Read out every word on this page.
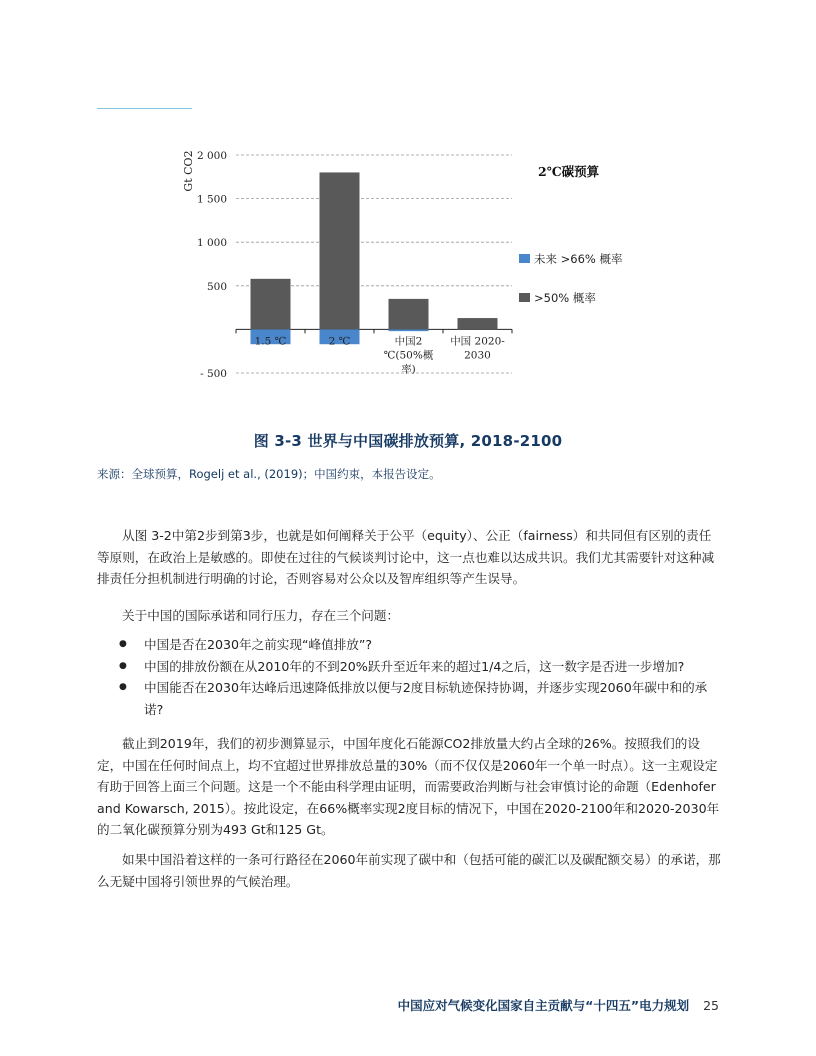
Gt CO2 2 000
1 500
1 000
500
- 500
1.5 ℃	2 ℃	中国2 ℃(50%概率)
中国 2020-2030
2℃碳预算
未来 >66% 概率
>50% 概率
图 3-3 世界与中国碳排放预算, 2018-2100
来源：全球预算，Rogelj et al., (2019)；中国约束，本报告设定。

从图 3-2中第2步到第3步，也就是如何阐释关于公平（equity）、公正（fairness）和共同但有区别的责任等原则，在政治上是敏感的。即使在过往的气候谈判讨论中，这一点也难以达成共识。我们尤其需要针对这种减排责任分担机制进行明确的讨论，否则容易对公众以及智库组织等产生误导。

关于中国的国际承诺和同行压力，存在三个问题：

● 中国是否在2030年之前实现“峰值排放”?
● 中国的排放份额在从2010年的不到20%跃升至近年来的超过1/4之后，这一数字是否进一步增加?
● 中国能否在2030年达峰后迅速降低排放以便与2度目标轨迹保持协调，并逐步实现2060年碳中和的承诺?

截止到2019年，我们的初步测算显示，中国年度化石能源CO2排放量大约占全球的26%。按照我们的设定，中国在任何时间点上，均不宜超过世界排放总量的30%（而不仅仅是2060年一个单一时点）。这一主观设定有助于回答上面三个问题。这是一个不能由科学理由证明，而需要政治判断与社会审慎讨论的命题（Edenhofer and Kowarsch, 2015）。按此设定，在66%概率实现2度目标的情况下，中国在2020-2100年和2020-2030年的二氧化碳预算分别为493 Gt和125 Gt。

如果中国沿着这样的一条可行路径在2060年前实现了碳中和（包括可能的碳汇以及碳配额交易）的承诺，那么无疑中国将引领世界的气候治理。

中国应对气候变化国家自主贡献与“十四五”电力规划 25
